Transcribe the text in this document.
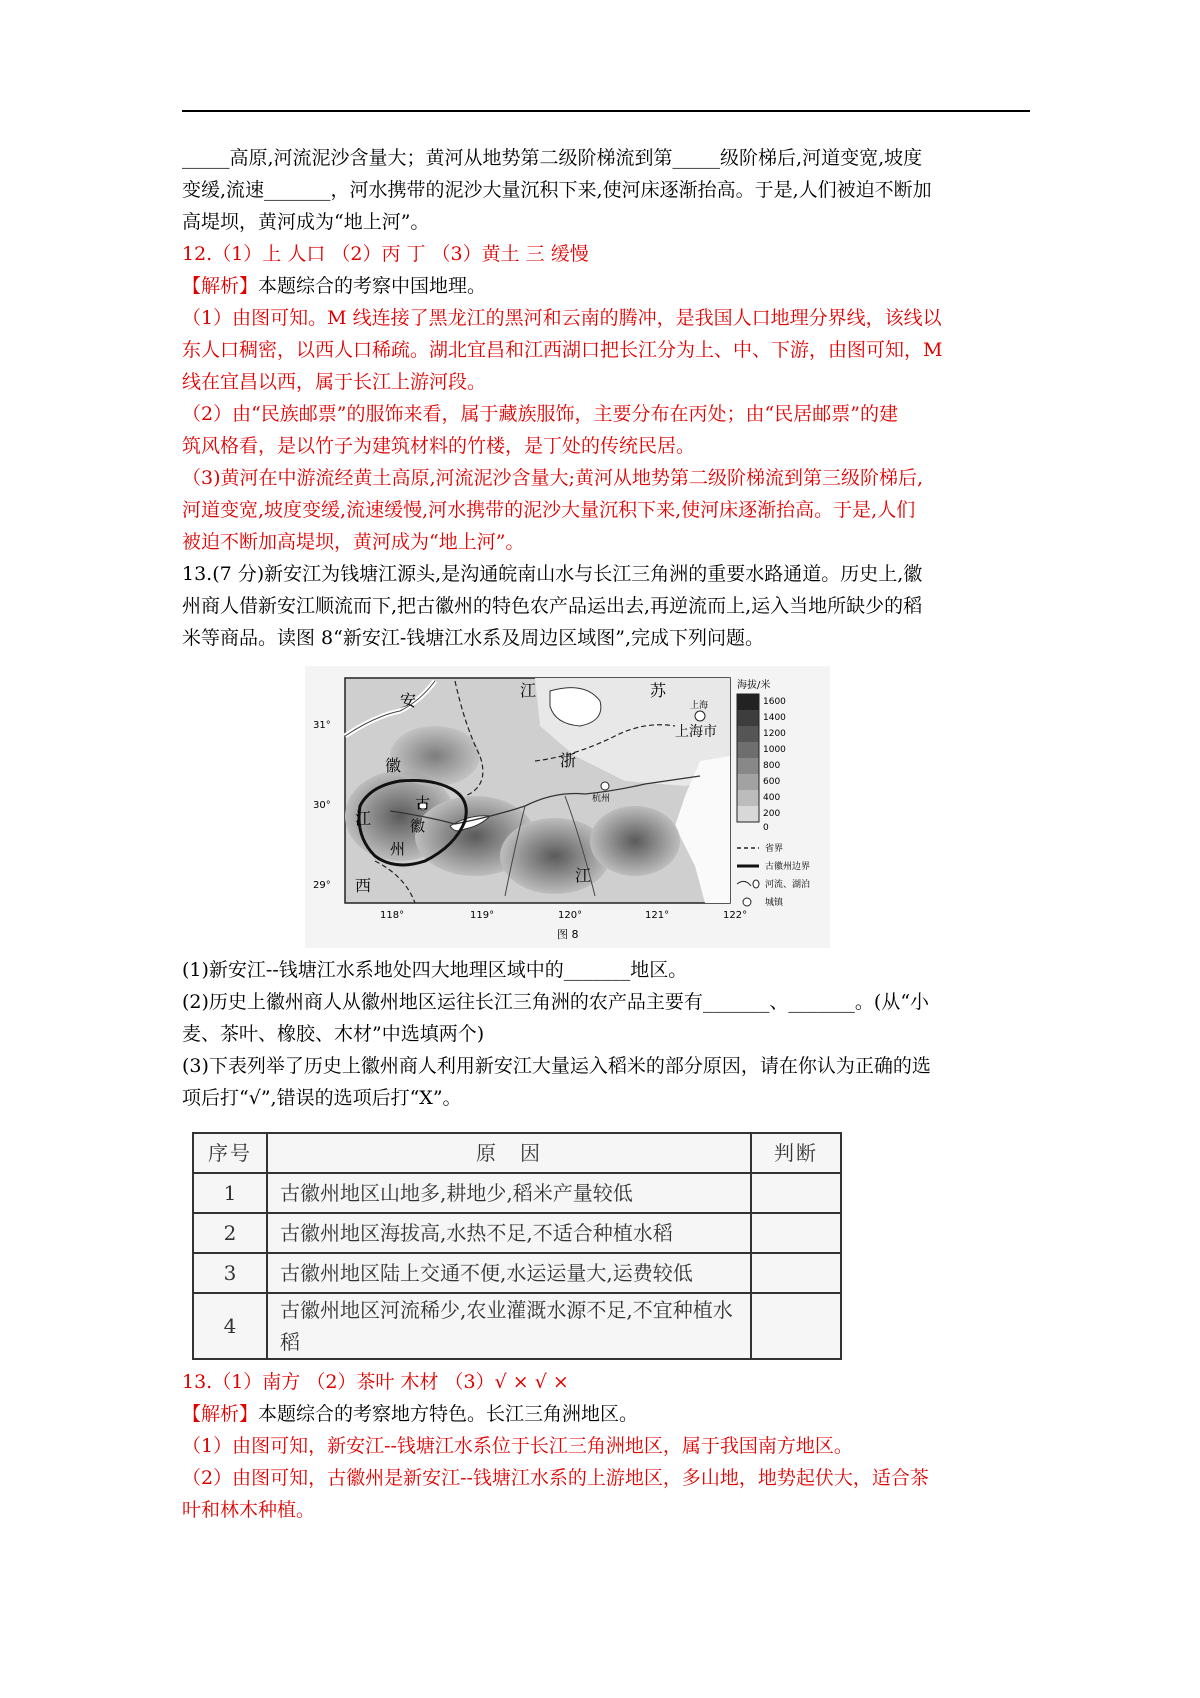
_____高原,河流泥沙含量大；黄河从地势第二级阶梯流到第_____级阶梯后,河道变宽,坡度

变缓,流速_______，河水携带的泥沙大量沉积下来,使河床逐渐抬高。于是,人们被迫不断加

高堤坝，黄河成为“地上河”。

12.（1）上 人口 （2）丙 丁 （3）黄土 三 缓慢

【解析】本题综合的考察中国地理。

（1）由图可知。M 线连接了黑龙江的黑河和云南的腾冲，是我国人口地理分界线，该线以

东人口稠密，以西人口稀疏。湖北宜昌和江西湖口把长江分为上、中、下游，由图可知，M

线在宜昌以西，属于长江上游河段。

（2）由“民族邮票”的服饰来看，属于藏族服饰，主要分布在丙处；由“民居邮票”的建

筑风格看，是以竹子为建筑材料的竹楼，是丁处的传统民居。

（3)黄河在中游流经黄土高原,河流泥沙含量大;黄河从地势第二级阶梯流到第三级阶梯后,

河道变宽,坡度变缓,流速缓慢,河水携带的泥沙大量沉积下来,使河床逐渐抬高。于是,人们

被迫不断加高堤坝，黄河成为“地上河”。

13.(7 分)新安江为钱塘江源头,是沟通皖南山水与长江三角洲的重要水路通道。历史上,徽

州商人借新安江顺流而下,把古徽州的特色农产品运出去,再逆流而上,运入当地所缺少的稻

米等商品。读图 8“新安江-钱塘江水系及周边区域图”,完成下列问题。

安
江	苏
上海
上海市
徽
古
徽
州
江
西
浙
江
杭州
31°
30°
29°
118°	119°	120°	121°	122°
海拔/米
1600
1400
1200
1000
800
600
400
200
0
省界
古徽州边界
河流、湖泊
城镇
图 8

(1)新安江--钱塘江水系地处四大地理区域中的_______地区。

(2)历史上徽州商人从徽州地区运往长江三角洲的农产品主要有_______、_______。(从“小

麦、茶叶、橡胶、木材”中选填两个)

(3)下表列举了历史上徽州商人利用新安江大量运入稻米的部分原因，请在你认为正确的选

项后打“√”,错误的选项后打“X”。

序号	原　因	判断
1	古徽州地区山地多,耕地少,稻米产量较低	
2	古徽州地区海拔高,水热不足,不适合种植水稻	
3	古徽州地区陆上交通不便,水运运量大,运费较低	
4	古徽州地区河流稀少,农业灌溉水源不足,不宜种植水稻	

13.（1）南方 （2）茶叶 木材 （3）√ × √ ×

【解析】本题综合的考察地方特色。长江三角洲地区。

（1）由图可知，新安江--钱塘江水系位于长江三角洲地区，属于我国南方地区。

（2）由图可知，古徽州是新安江--钱塘江水系的上游地区，多山地，地势起伏大，适合茶

叶和林木种植。
